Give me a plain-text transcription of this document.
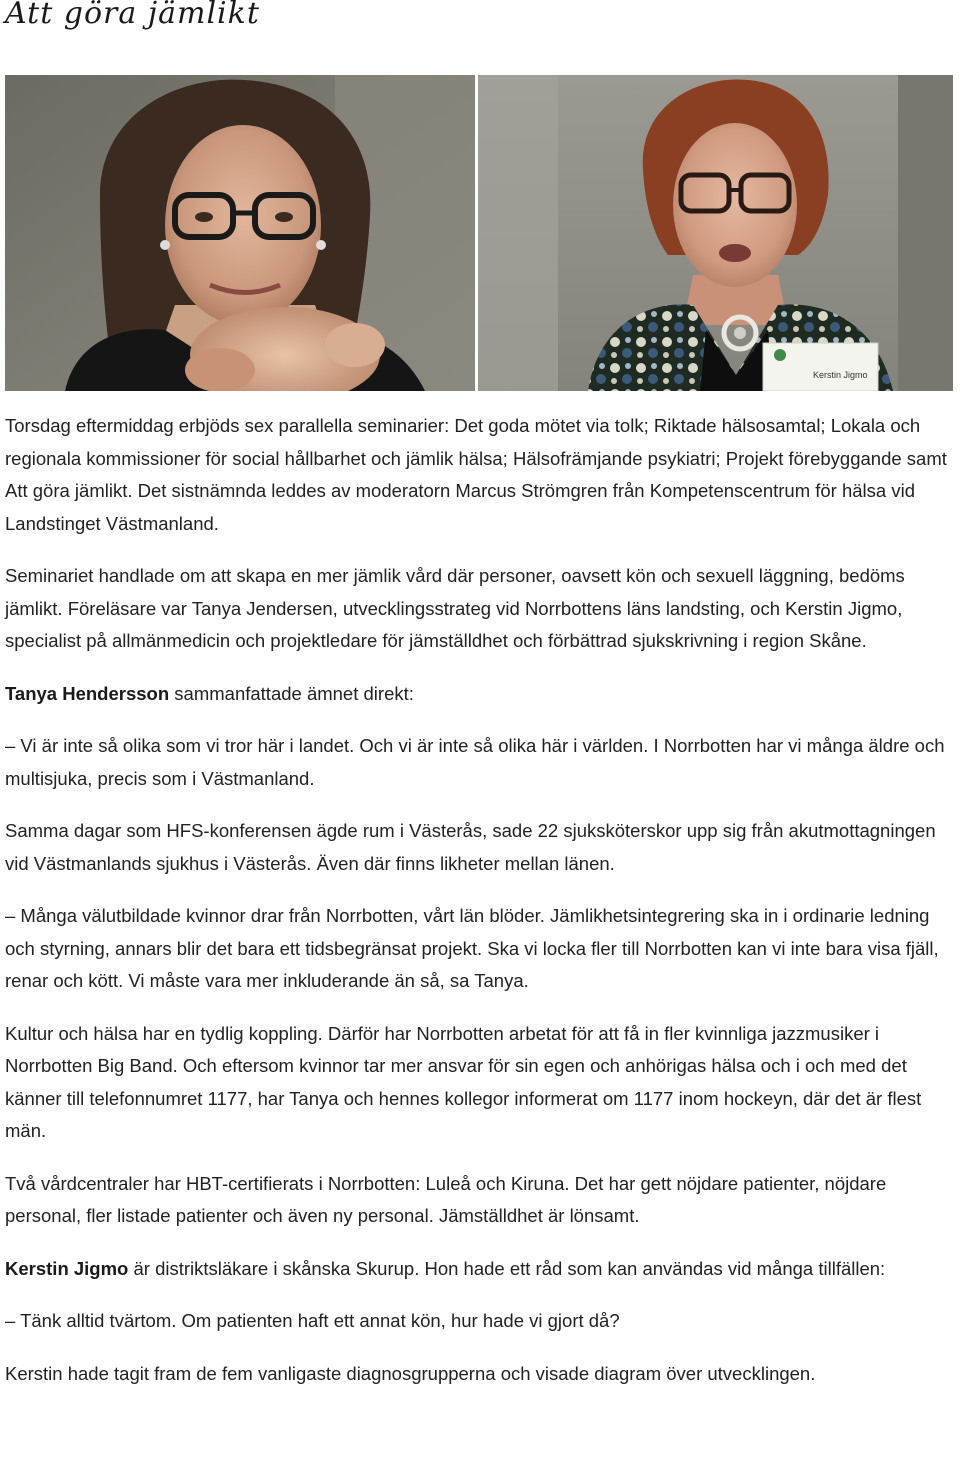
Att göra jämlikt
Kerstin Jigmo

Torsdag eftermiddag erbjöds sex parallella seminarier: Det goda mötet via tolk; Riktade hälsosamtal; Lokala och regionala kommissioner för social hållbarhet och jämlik hälsa; Hälsofrämjande psykiatri; Projekt förebyggande samt Att göra jämlikt. Det sistnämnda leddes av moderatorn Marcus Strömgren från Kompetenscentrum för hälsa vid Landstinget Västmanland.

Seminariet handlade om att skapa en mer jämlik vård där personer, oavsett kön och sexuell läggning, bedöms jämlikt. Föreläsare var Tanya Jendersen, utvecklingsstrateg vid Norrbottens läns landsting, och Kerstin Jigmo, specialist på allmänmedicin och projektledare för jämställdhet och förbättrad sjukskrivning i region Skåne.

Tanya Hendersson sammanfattade ämnet direkt:

– Vi är inte så olika som vi tror här i landet. Och vi är inte så olika här i världen. I Norrbotten har vi många äldre och multisjuka, precis som i Västmanland.

Samma dagar som HFS-konferensen ägde rum i Västerås, sade 22 sjuksköterskor upp sig från akutmottagningen vid Västmanlands sjukhus i Västerås. Även där finns likheter mellan länen.

– Många välutbildade kvinnor drar från Norrbotten, vårt län blöder. Jämlikhetsintegrering ska in i ordinarie ledning och styrning, annars blir det bara ett tidsbegränsat projekt. Ska vi locka fler till Norrbotten kan vi inte bara visa fjäll, renar och kött. Vi måste vara mer inkluderande än så, sa Tanya.

Kultur och hälsa har en tydlig koppling. Därför har Norrbotten arbetat för att få in fler kvinnliga jazzmusiker i Norrbotten Big Band. Och eftersom kvinnor tar mer ansvar för sin egen och anhörigas hälsa och i och med det känner till telefonnumret 1177, har Tanya och hennes kollegor informerat om 1177 inom hockeyn, där det är flest män.

Två vårdcentraler har HBT-certifierats i Norrbotten: Luleå och Kiruna. Det har gett nöjdare patienter, nöjdare personal, fler listade patienter och även ny personal. Jämställdhet är lönsamt.

Kerstin Jigmo är distriktsläkare i skånska Skurup. Hon hade ett råd som kan användas vid många tillfällen:

– Tänk alltid tvärtom. Om patienten haft ett annat kön, hur hade vi gjort då?

Kerstin hade tagit fram de fem vanligaste diagnosgrupperna och visade diagram över utvecklingen.
